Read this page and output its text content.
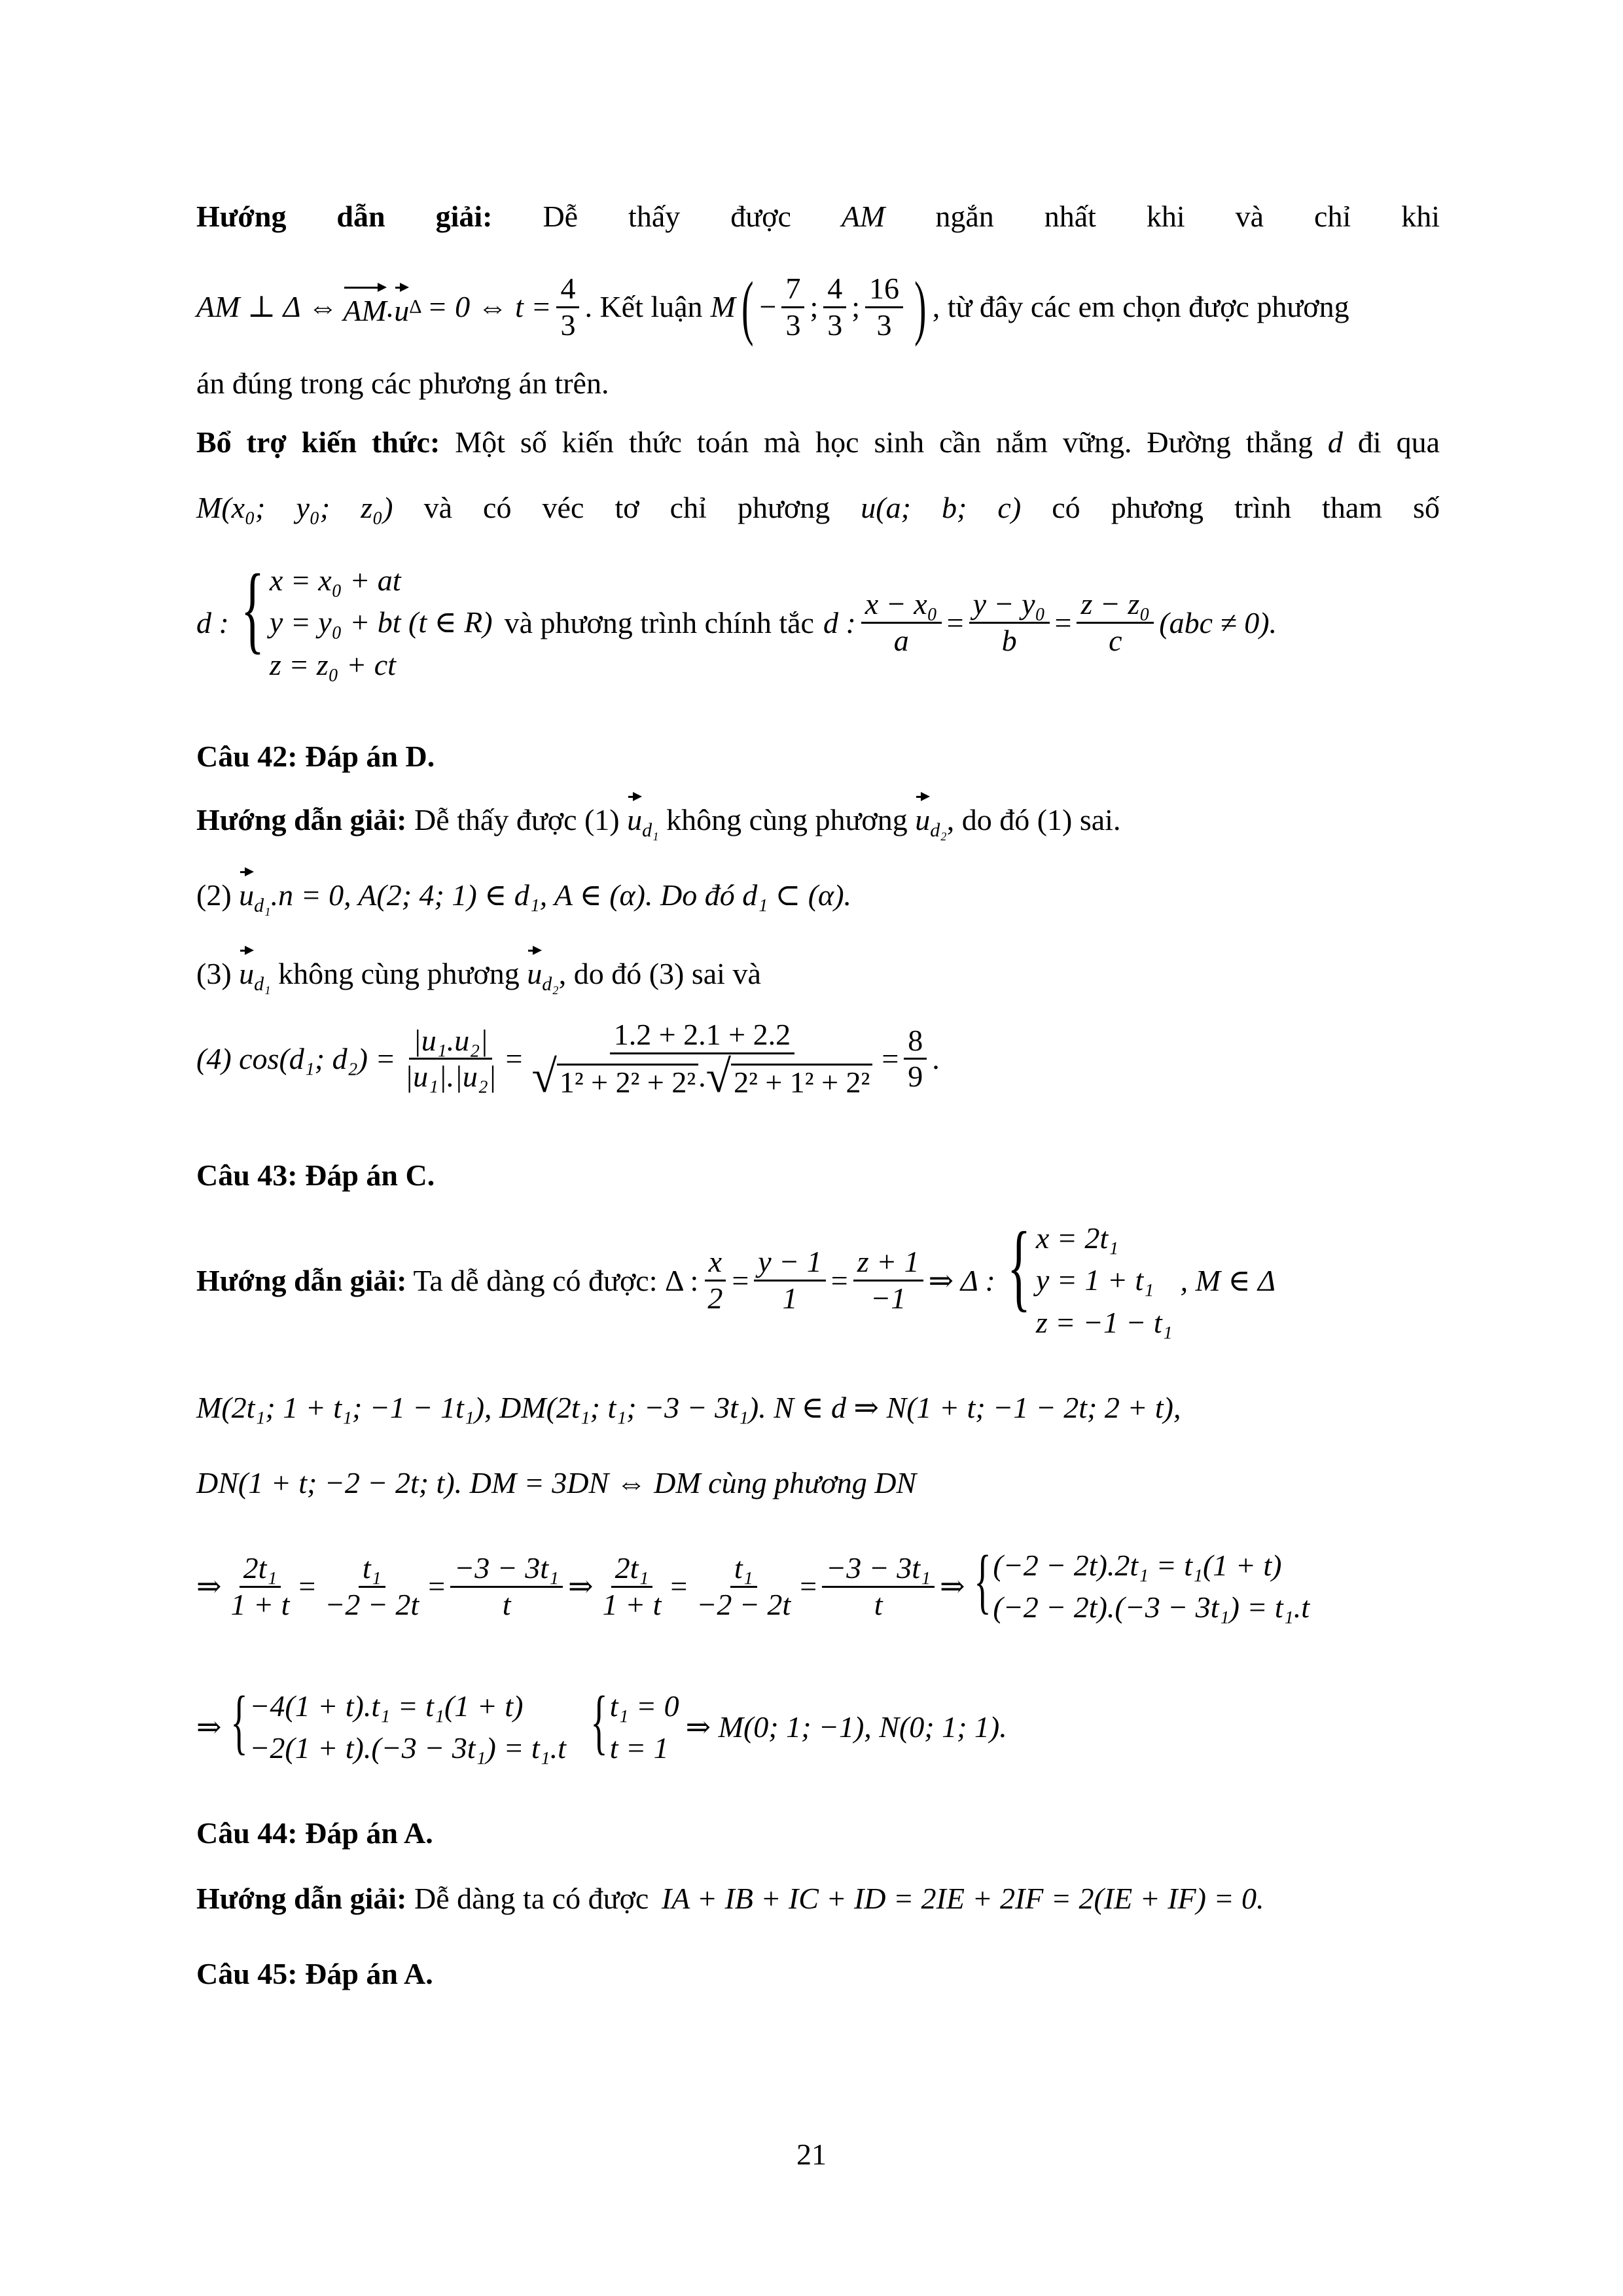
Hướng dẫn giải: Dễ thấy được AM ngắn nhất khi và chỉ khi
AM ⊥ Δ ⇔ AM . u Δ = 0 ⇔ $t = \frac{4}{3}$ . Kết luận M ( − $\frac{7}{3}$ ; $\frac{4}{3}$ ; $\frac{16}{3}$ ) , từ đây các em chọn được phương
án đúng trong các phương án trên.
Bổ trợ kiến thức: Một số kiến thức toán mà học sinh cần nắm vững. Đường thẳng d đi qua
M(x₀; y₀; z₀) và có véc tơ chỉ phương u(a; b; c) có phương trình tham số
d : { x = x₀ + at
y = y₀ + bt (t ∈ R)
z = z₀ + ct
và phương trình chính tắc d : $\frac{\text{x − x₀}}{a} = \frac{\text{y − y₀}}{b} = \frac{\text{z − z₀}}{c} (abc \ne 0)$.
Câu 42: Đáp án D.
Hướng dẫn giải: Dễ thấy được (1) $u_{d_1}$ không cùng phương $u_{d_2}$, do đó (1) sai.
(2) $u_{d_1}.n = 0$, A(2; 4; 1) ∈ d₁, A ∈ (α). Do đó d₁ ⊂ (α).
(3) $u_{d_1}$ không cùng phương $u_{d_2}$, do đó (3) sai và
(4) cos(d₁; $d_2) = \frac{\text{|u₁.u₂|}}{\text{|u₁|.|u₂|}} = \frac{1.2 + 2.1 + 2.2}{\text{√ 1² + 2² + 2² . √ 2² + 1² + 2²}} = \frac{8}{9}$ .
Câu 43: Đáp án C.
Hướng dẫn giải: Ta dễ dàng có được: Δ : $\frac{x}{2} = \frac{y - 1}{1} = \frac{z + 1}{-1}$ ⇒ Δ : { x = 2t₁
y = 1 + t₁
z = −1 − t₁
, M ∈ Δ
M(2t₁; 1 + t₁; −1 − 1t₁), DM(2t₁; t₁; −3 − 3t₁). N ∈ d ⇒ N(1 + t; −1 − 2t; 2 + t),
DN(1 + t; −2 − 2t; t). DM = 3DN ⇔ DM cùng phương DN
⇒ $\frac{\text{2t₁}}{1 + t} = \frac{\text{t₁}}{-2 - 2t} = \frac{\text{−3 − 3t₁}}{t}$ ⇒ $\frac{\text{2t₁}}{1 + t} = \frac{\text{t₁}}{-2 - 2t} = \frac{\text{−3 − 3t₁}}{t}$ ⇒ { (−2 − 2t).2t₁ = t₁(1 + t)
(−2 − 2t).(−3 − 3t₁) = t₁.t
⇒ { −4(1 + t).t₁ = t₁(1 + t)
−2(1 + t).(−3 − 3t₁) = t₁.t { t₁ = 0
t = 1
⇒ M(0; 1; −1), N(0; 1; 1).
Câu 44: Đáp án A.
Hướng dẫn giải: Dễ dàng ta có được IA + IB + IC + ID = 2IE + 2IF = 2(IE + IF) = 0.
Câu 45: Đáp án A.
21
